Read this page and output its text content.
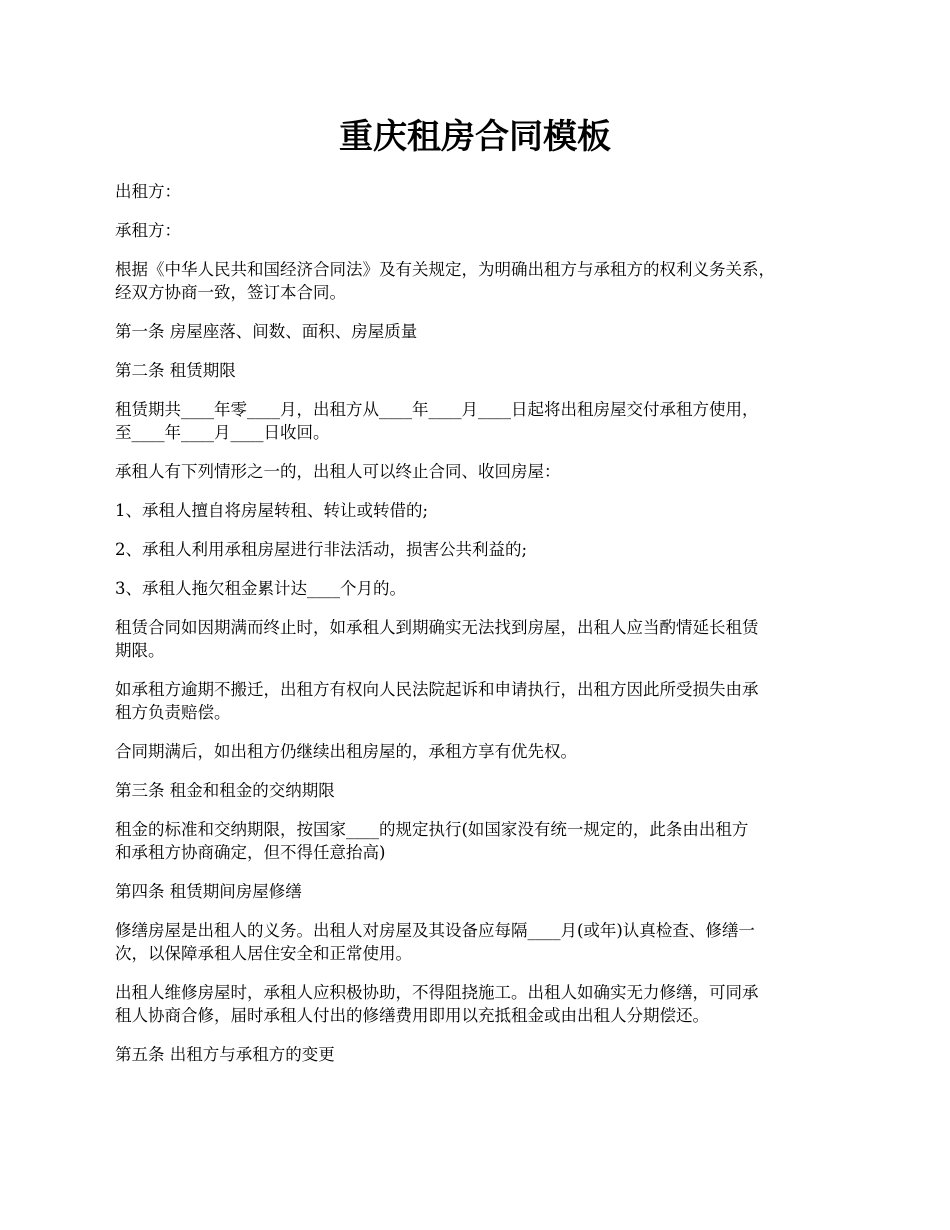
重庆租房合同模板

出租方：

承租方：

根据《中华人民共和国经济合同法》及有关规定，为明确出租方与承租方的权利义务关系，
经双方协商一致，签订本合同。

第一条 房屋座落、间数、面积、房屋质量

第二条 租赁期限

租赁期共____年零____月，出租方从____年____月____日起将出租房屋交付承租方使用，
至____年____月____日收回。

承租人有下列情形之一的，出租人可以终止合同、收回房屋：

1、承租人擅自将房屋转租、转让或转借的;

2、承租人利用承租房屋进行非法活动，损害公共利益的;

3、承租人拖欠租金累计达____个月的。

租赁合同如因期满而终止时，如承租人到期确实无法找到房屋，出租人应当酌情延长租赁
期限。

如承租方逾期不搬迁，出租方有权向人民法院起诉和申请执行，出租方因此所受损失由承
租方负责赔偿。

合同期满后，如出租方仍继续出租房屋的，承租方享有优先权。

第三条 租金和租金的交纳期限

租金的标准和交纳期限，按国家____的规定执行(如国家没有统一规定的，此条由出租方
和承租方协商确定，但不得任意抬高)

第四条 租赁期间房屋修缮

修缮房屋是出租人的义务。出租人对房屋及其设备应每隔____月(或年)认真检查、修缮一
次，以保障承租人居住安全和正常使用。

出租人维修房屋时，承租人应积极协助，不得阻挠施工。出租人如确实无力修缮，可同承
租人协商合修，届时承租人付出的修缮费用即用以充抵租金或由出租人分期偿还。

第五条 出租方与承租方的变更
